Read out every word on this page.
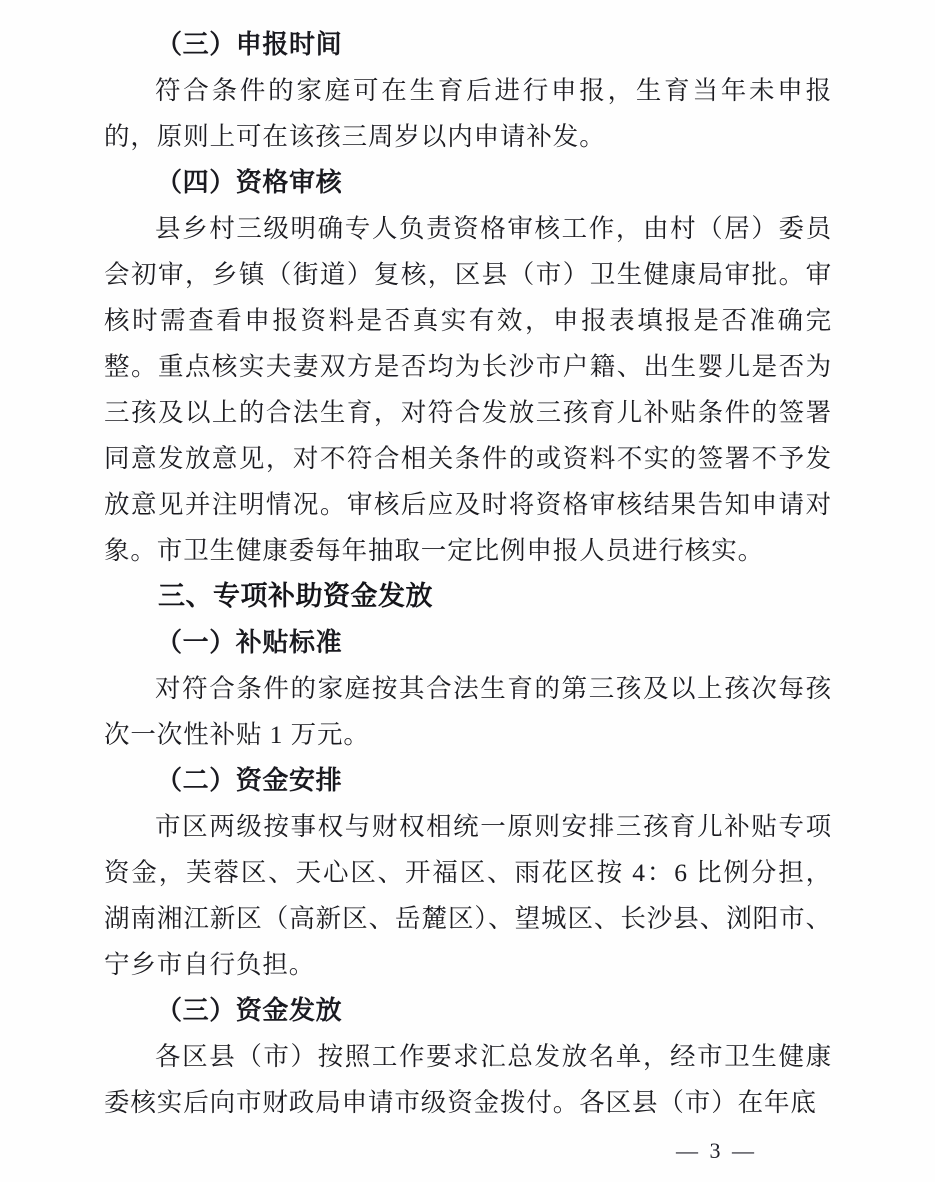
（三）申报时间
符合条件的家庭可在生育后进行申报，生育当年未申报的，原则上可在该孩三周岁以内申请补发。
（四）资格审核
县乡村三级明确专人负责资格审核工作，由村（居）委员会初审，乡镇（街道）复核，区县（市）卫生健康局审批。审核时需查看申报资料是否真实有效，申报表填报是否准确完整。重点核实夫妻双方是否均为长沙市户籍、出生婴儿是否为三孩及以上的合法生育，对符合发放三孩育儿补贴条件的签署同意发放意见，对不符合相关条件的或资料不实的签署不予发放意见并注明情况。审核后应及时将资格审核结果告知申请对象。市卫生健康委每年抽取一定比例申报人员进行核实。
三、专项补助资金发放
（一）补贴标准
对符合条件的家庭按其合法生育的第三孩及以上孩次每孩次一次性补贴 1 万元。
（二）资金安排
市区两级按事权与财权相统一原则安排三孩育儿补贴专项资金，芙蓉区、天心区、开福区、雨花区按 4：6 比例分担，湖南湘江新区（高新区、岳麓区）、望城区、长沙县、浏阳市、宁乡市自行负担。
（三）资金发放
各区县（市）按照工作要求汇总发放名单，经市卫生健康委核实后向市财政局申请市级资金拨付。各区县（市）在年底
— 3 —
